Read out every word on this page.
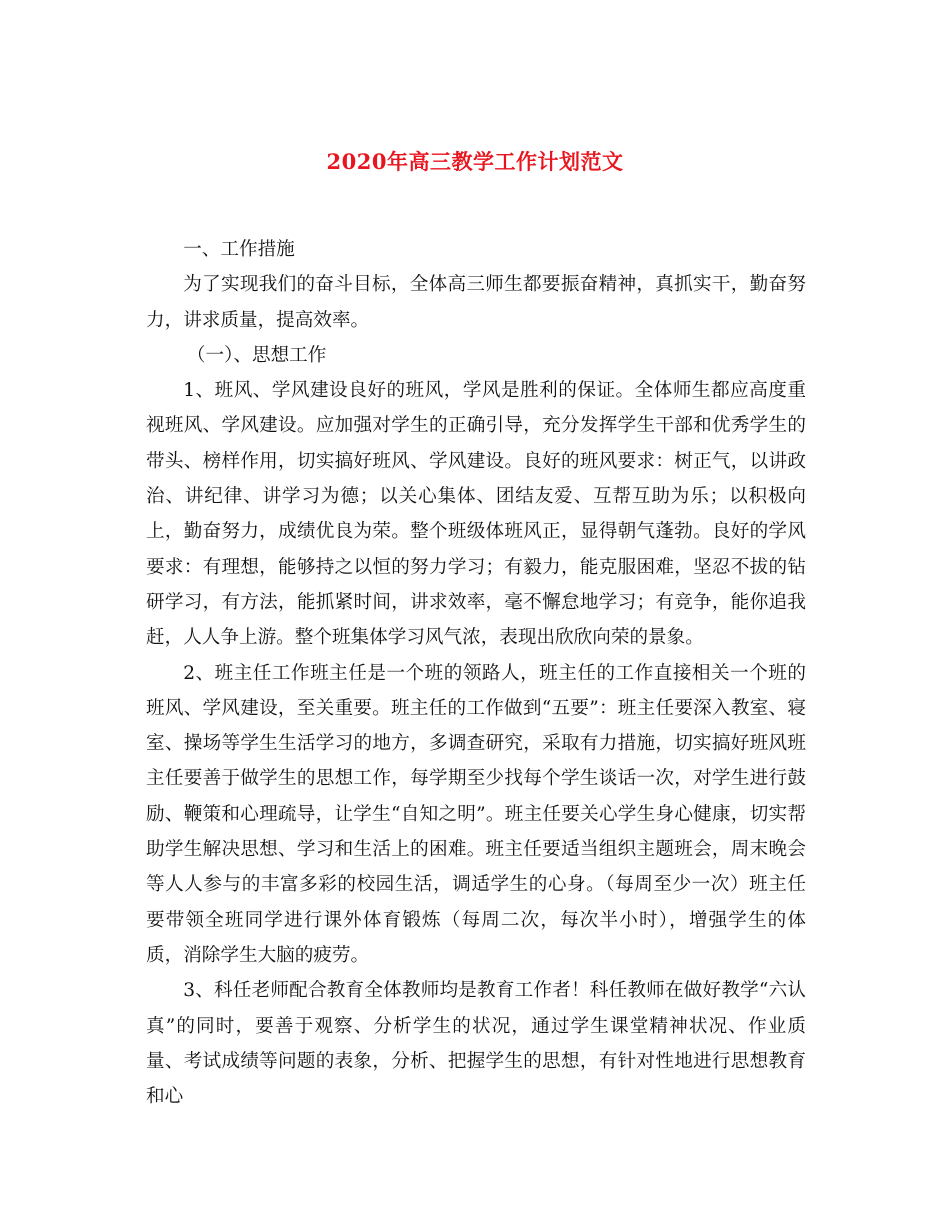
2020年高三教学工作计划范文

一、工作措施

为了实现我们的奋斗目标，全体高三师生都要振奋精神，真抓实干，勤奋努力，讲求质量，提高效率。

（一）、思想工作

1、班风、学风建设良好的班风，学风是胜利的保证。全体师生都应高度重视班风、学风建设。应加强对学生的正确引导，充分发挥学生干部和优秀学生的带头、榜样作用，切实搞好班风、学风建设。良好的班风要求：树正气，以讲政治、讲纪律、讲学习为德；以关心集体、团结友爱、互帮互助为乐；以积极向上，勤奋努力，成绩优良为荣。整个班级体班风正，显得朝气蓬勃。良好的学风要求：有理想，能够持之以恒的努力学习；有毅力，能克服困难，坚忍不拔的钻研学习，有方法，能抓紧时间，讲求效率，毫不懈怠地学习；有竞争，能你追我赶，人人争上游。整个班集体学习风气浓，表现出欣欣向荣的景象。

2、班主任工作班主任是一个班的领路人，班主任的工作直接相关一个班的班风、学风建设，至关重要。班主任的工作做到“五要”：班主任要深入教室、寝室、操场等学生生活学习的地方，多调查研究，采取有力措施，切实搞好班风班主任要善于做学生的思想工作，每学期至少找每个学生谈话一次，对学生进行鼓励、鞭策和心理疏导，让学生“自知之明”。班主任要关心学生身心健康，切实帮助学生解决思想、学习和生活上的困难。班主任要适当组织主题班会，周末晚会等人人参与的丰富多彩的校园生活，调适学生的心身。（每周至少一次）班主任要带领全班同学进行课外体育锻炼（每周二次，每次半小时），增强学生的体质，消除学生大脑的疲劳。

3、科任老师配合教育全体教师均是教育工作者！科任教师在做好教学“六认真”的同时，要善于观察、分析学生的状况，通过学生课堂精神状况、作业质量、考试成绩等问题的表象，分析、把握学生的思想，有针对性地进行思想教育和心
